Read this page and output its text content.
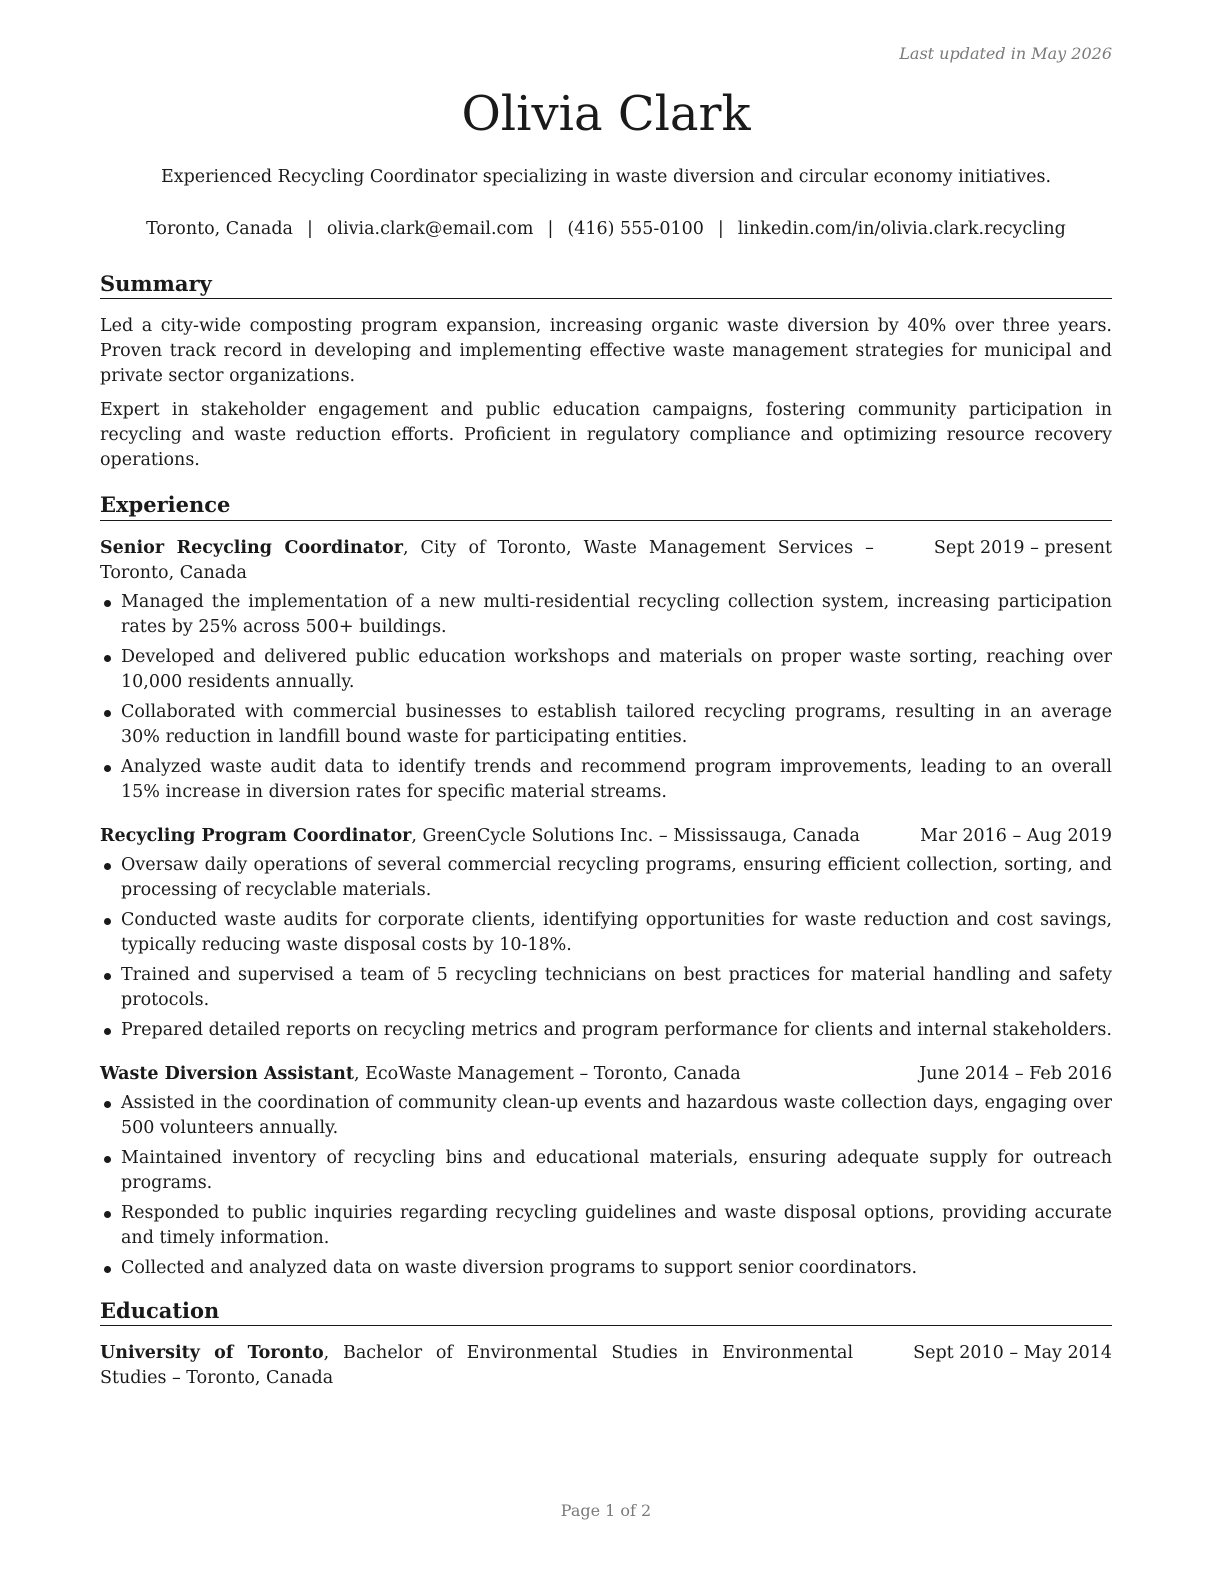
Last updated in May 2026
Olivia Clark
Experienced Recycling Coordinator specializing in waste diversion and circular economy initiatives.
Toronto, Canada | olivia.clark@email.com | (416) 555-0100 | linkedin.com/in/olivia.clark.recycling
Summary

Led a city-wide composting program expansion, increasing organic waste diversion by 40% over three years. Proven track record in developing and implementing effective waste management strategies for municipal and private sector organizations.

Expert in stakeholder engagement and public education campaigns, fostering community participation in recycling and waste reduction efforts. Proficient in regulatory compliance and optimizing resource recovery operations.

Experience
Senior Recycling Coordinator, City of Toronto, Waste Management Services – Toronto, Canada
Sept 2019 – present
Managed the implementation of a new multi-residential recycling collection system, increasing participation rates by 25% across 500+ buildings.
Developed and delivered public education workshops and materials on proper waste sorting, reaching over 10,000 residents annually.
Collaborated with commercial businesses to establish tailored recycling programs, resulting in an average 30% reduction in landfill bound waste for participating entities.
Analyzed waste audit data to identify trends and recommend program improvements, leading to an overall 15% increase in diversion rates for specific material streams.
Recycling Program Coordinator, GreenCycle Solutions Inc. – Mississauga, Canada	Mar 2016 – Aug 2019
Oversaw daily operations of several commercial recycling programs, ensuring efficient collection, sorting, and processing of recyclable materials.
Conducted waste audits for corporate clients, identifying opportunities for waste reduction and cost savings, typically reducing waste disposal costs by 10-18%.
Trained and supervised a team of 5 recycling technicians on best practices for material handling and safety protocols.
Prepared detailed reports on recycling metrics and program performance for clients and internal stakeholders.
Waste Diversion Assistant, EcoWaste Management – Toronto, Canada	June 2014 – Feb 2016
Assisted in the coordination of community clean-up events and hazardous waste collection days, engaging over 500 volunteers annually.
Maintained inventory of recycling bins and educational materials, ensuring adequate supply for outreach programs.
Responded to public inquiries regarding recycling guidelines and waste disposal options, providing accurate and timely information.
Collected and analyzed data on waste diversion programs to support senior coordinators.
Education
University of Toronto, Bachelor of Environmental Studies in Environmental Studies – Toronto, Canada
Sept 2010 – May 2014
Page 1 of 2
